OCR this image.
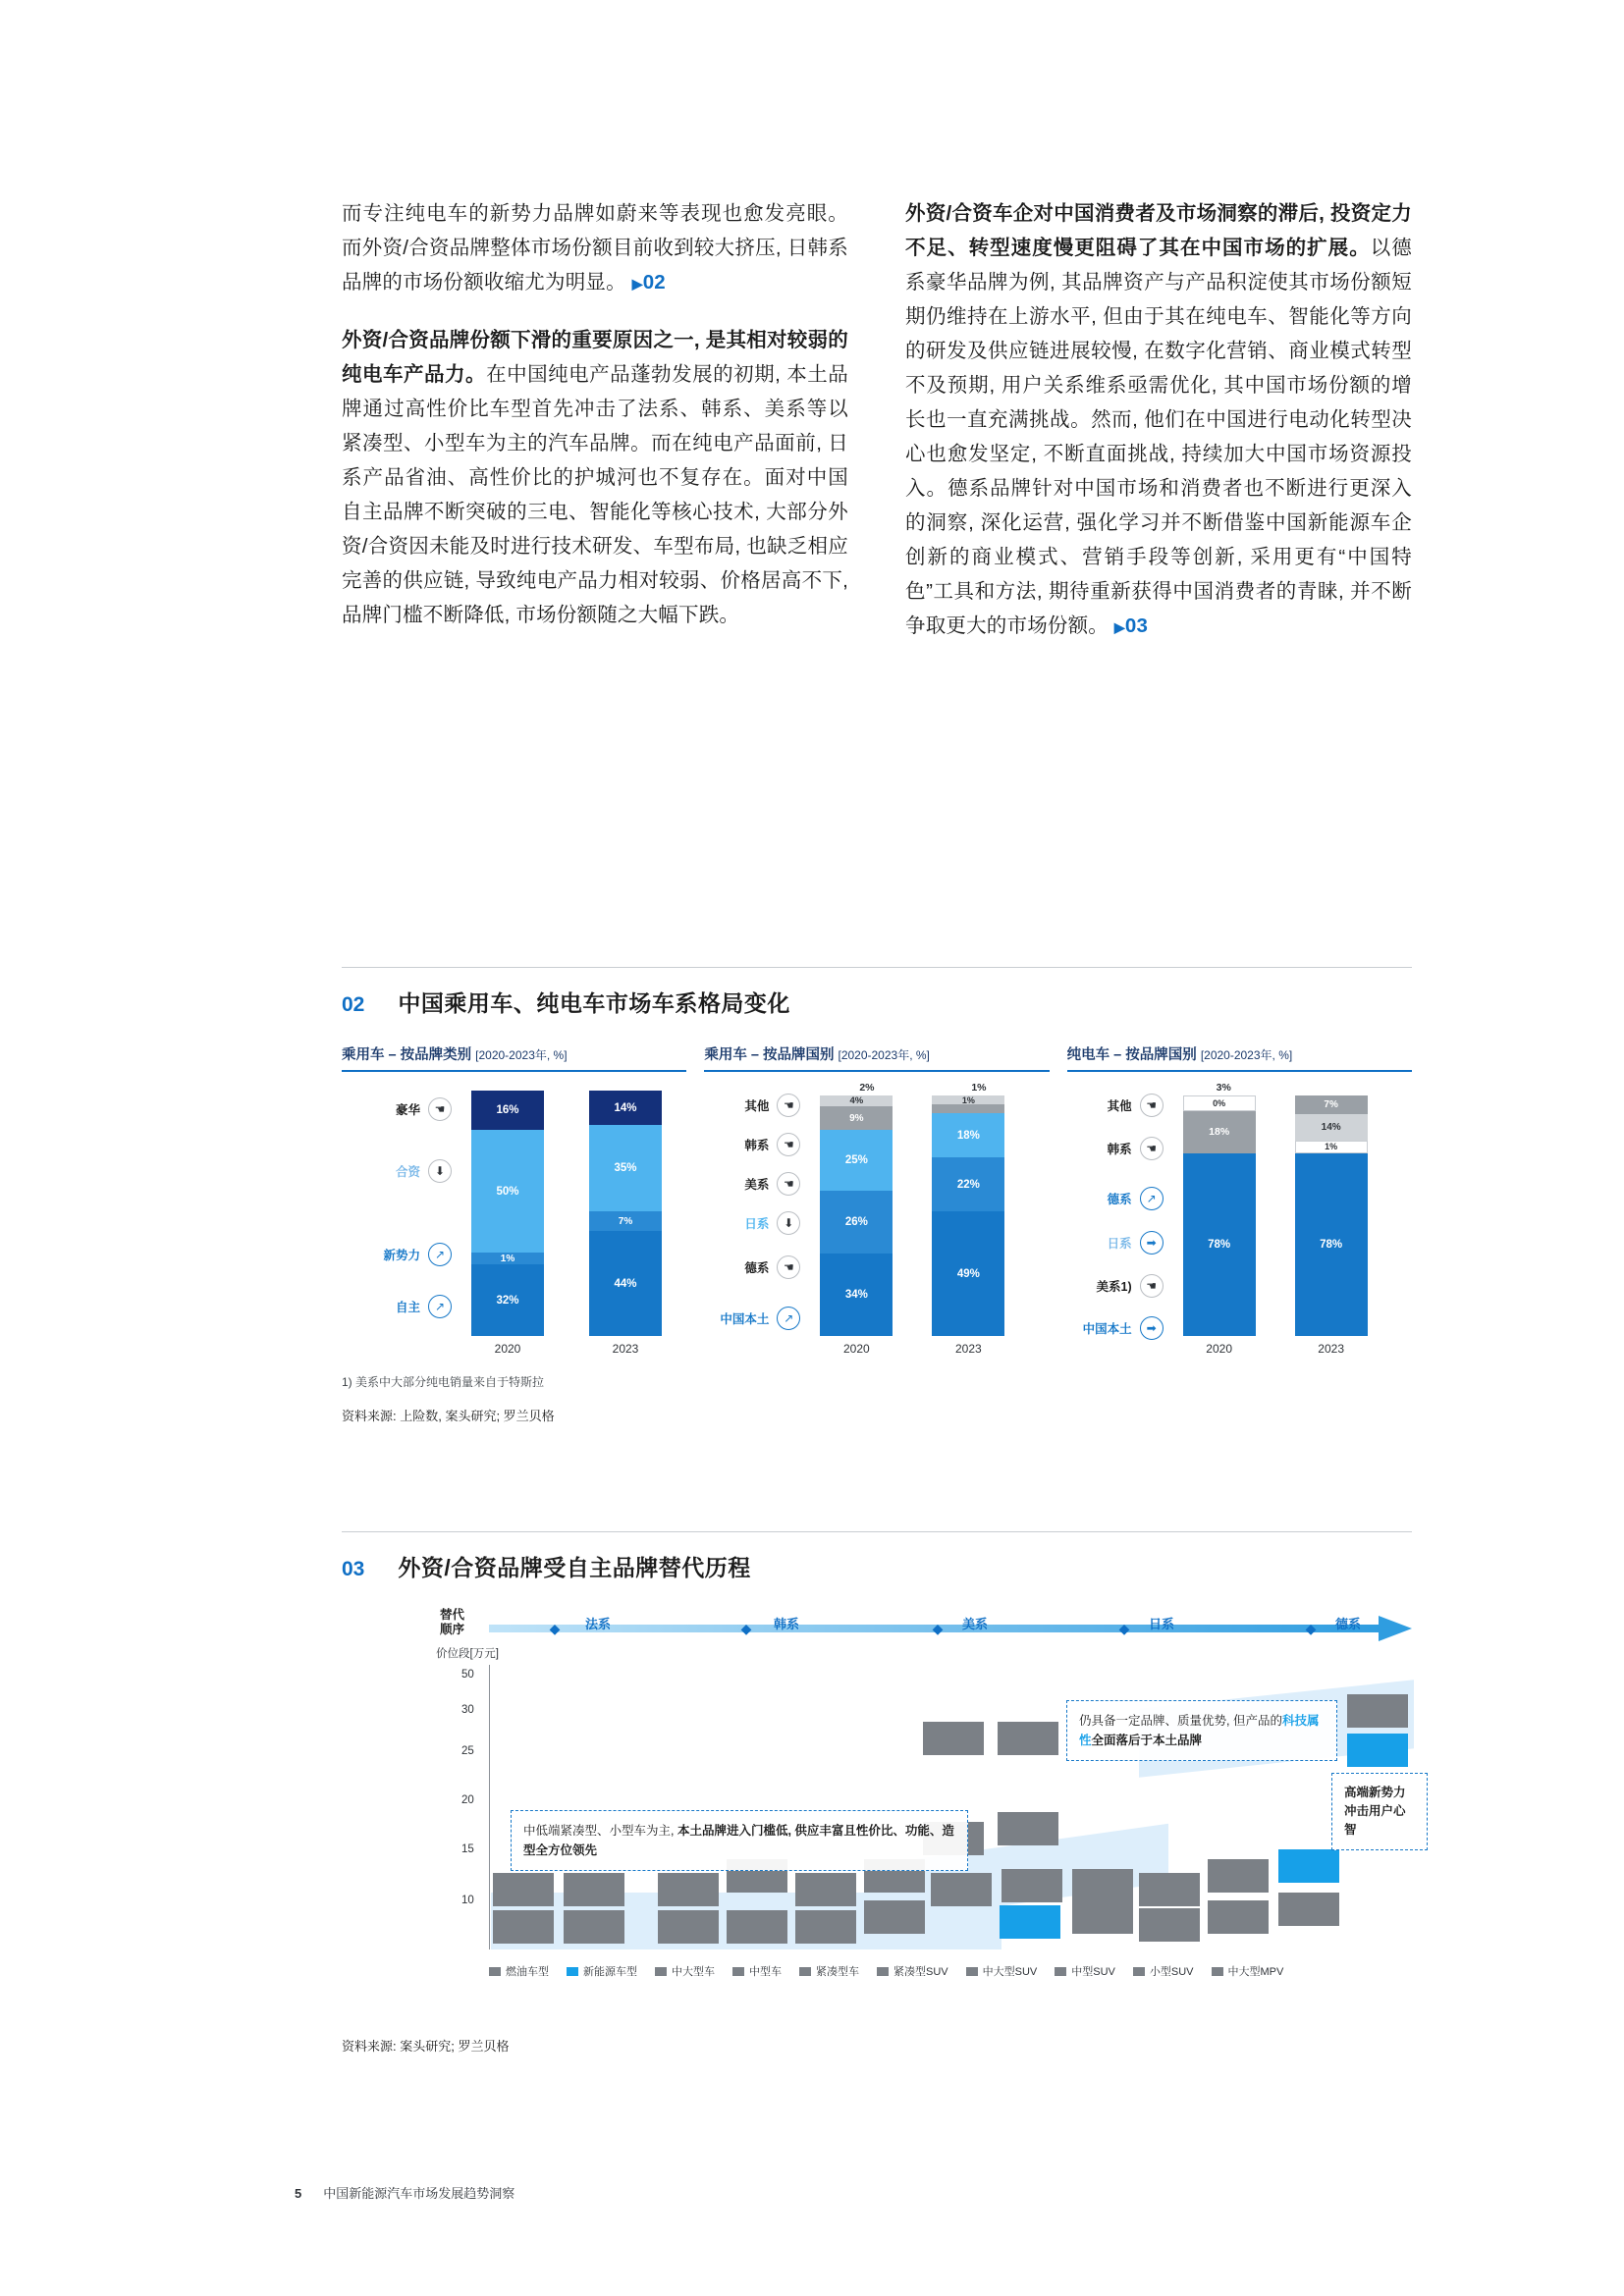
而专注纯电车的新势力品牌如蔚来等表现也愈发亮眼。而外资/合资品牌整体市场份额目前收到较大挤压, 日韩系品牌的市场份额收缩尤为明显。 ▶02

外资/合资品牌份额下滑的重要原因之一, 是其相对较弱的纯电车产品力。在中国纯电产品蓬勃发展的初期, 本土品牌通过高性价比车型首先冲击了法系、韩系、美系等以紧凑型、小型车为主的汽车品牌。而在纯电产品面前, 日系产品省油、高性价比的护城河也不复存在。面对中国自主品牌不断突破的三电、智能化等核心技术, 大部分外资/合资因未能及时进行技术研发、车型布局, 也缺乏相应完善的供应链, 导致纯电产品力相对较弱、价格居高不下, 品牌门槛不断降低, 市场份额随之大幅下跌。

外资/合资车企对中国消费者及市场洞察的滞后, 投资定力不足、转型速度慢更阻碍了其在中国市场的扩展。以德系豪华品牌为例, 其品牌资产与产品积淀使其市场份额短期仍维持在上游水平, 但由于其在纯电车、智能化等方向的研发及供应链进展较慢, 在数字化营销、商业模式转型不及预期, 用户关系维系亟需优化, 其中国市场份额的增长也一直充满挑战。然而, 他们在中国进行电动化转型决心也愈发坚定, 不断直面挑战, 持续加大中国市场资源投入。德系品牌针对中国市场和消费者也不断进行更深入的洞察, 深化运营, 强化学习并不断借鉴中国新能源车企创新的商业模式、营销手段等创新, 采用更有“中国特色”工具和方法, 期待重新获得中国消费者的青睐, 并不断争取更大的市场份额。 ▶03

02 中国乘用车、纯电车市场车系格局变化
乘用车 – 按品牌类别 [2020-2023年, %]
豪华	☚
合资	⬇
新势力	↗
自主	↗
16%
50%
1%
32%
14%
35%
7%
44%
2020	2023
乘用车 – 按品牌国别 [2020-2023年, %]
其他	☚
韩系	☚
美系	☚
日系	⬇
德系	☚
中国本土	↗
2%
4%
9%
25%
26%
34%
1%
1%
18%
22%
49%
2020	2023
纯电车 – 按品牌国别 [2020-2023年, %]
其他	☚
韩系	☚
德系	↗
日系	➡
美系1)	☚
中国本土	➡
3%
0%
18%
78%
7%
14%
1%
78%
2020	2023
1) 美系中大部分纯电销量来自于特斯拉
资料来源: 上险数, 案头研究; 罗兰贝格
03 外资/合资品牌受自主品牌替代历程
替代
顺序	◆	◆	◆	◆	◆
法系	韩系	美系	日系	德系
价位段[万元]
50
30
25
20
15
10
中低端紧凑型、小型车为主, 本土品牌进入门槛低, 供应丰富且性价比、功能、造型全方位领先
仍具备一定品牌、质量优势, 但产品的科技属性全面落后于本土品牌
高端新势力冲击用户心智
燃油车型	新能源车型	中大型车	中型车	紧凑型车	紧凑型SUV	中大型SUV	中型SUV	小型SUV	中大型MPV
资料来源: 案头研究; 罗兰贝格
5 中国新能源汽车市场发展趋势洞察
